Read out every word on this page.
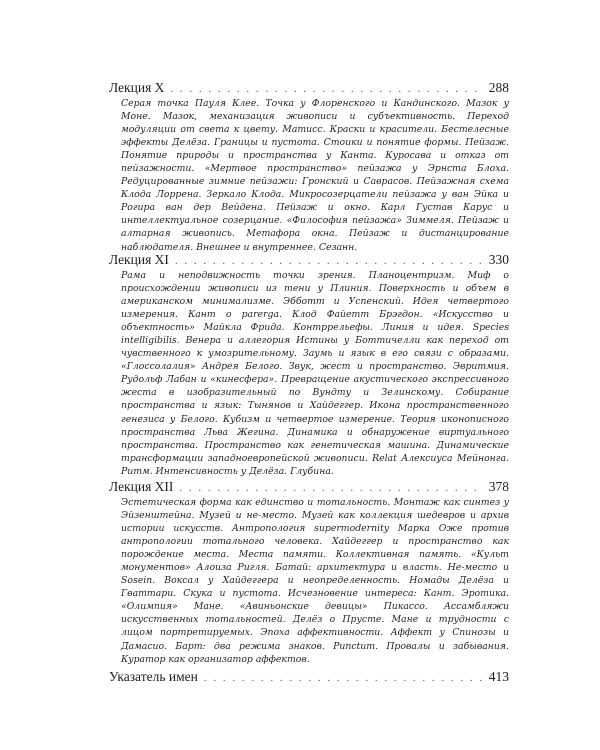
Лекция X . . .	288
Серая точка Пауля Клее. Точка у Флоренского и Кандинского. Мазок у Моне. Мазок, механизация живописи и субъективность. Переход модуляции от света к цвету. Матисс. Краски и красители. Бестелесные эффекты Делёза. Границы и пустота. Стоики и понятие формы. Пейзаж. Понятие природы и пространства у Канта. Куросава и отказ от пейзажности. «Мертвое пространство» пейзажа у Эрнста Блоха. Редуцированные зимние пейзажи: Гронский и Саврасов. Пейзажная схема Клода Лоррена. Зеркало Клода. Микросозерцатели пейзажа у ван Эйка и Рогира ван дер Вейдена. Пейзаж и окно. Карл Густав Карус и интеллектуальное созерцание. «Философия пейзажа» Зиммеля. Пейзаж и алтарная живопись. Метафора окна. Пейзаж и дистанцирование наблюдателя. Внешнее и внутреннее. Сезанн.
Лекция XI . . .	330
Рама и неподвижность точки зрения. Планоцентризм. Миф о происхождении живописи из тени у Плиния. Поверхность и объем в американском минимализме. Эбботт и Успенский. Идея четвертого измерения. Кант о parerga. Клод Файетт Брэгдон. «Искусство и объектность» Майкла Фрида. Контррельефы. Линия и идея. Species intelligibilis. Венера и аллегория Истины у Боттичелли как переход от чувственного к умозрительному. Заумь и язык в его связи с образами. «Глоссолалия» Андрея Белого. Звук, жест и пространство. Эвритмия. Рудольф Лабан и «кинесфера». Превращение акустического экспрессивного жеста в изобразительный по Вундту и Зелинскому. Собирание пространства и язык: Тынянов и Хайдеггер. Икона пространственного генезиса у Белого. Кубизм и четвертое измерение. Теория иконописного пространства Льва Жегина. Динамика и обнаружение виртуального пространства. Пространство как генетическая машина. Динамические трансформации западноевропейской живописи. Relat Алексиуса Мейнонга. Ритм. Интенсивность у Делёза. Глубина.
Лекция XII . . .	378
Эстетическая форма как единство и тотальность. Монтаж как синтез у Эйзенштейна. Музей и не-место. Музей как коллекция шедевров и архив истории искусств. Антропология supermodernity Марка Оже против антропологии тотального человека. Хайдеггер и пространство как порождение места. Места памяти. Коллективная память. «Культ монументов» Алоиза Ригля. Батай: архитектура и власть. Не-место и Sosein. Воксал у Хайдеггера и неопределенность. Номады Делёза и Гваттари. Скука и пустота. Исчезновение интереса: Кант. Эротика. «Олимпия» Мане. «Авиньонские девицы» Пикассо. Ассамбляжи искусственных тотальностей. Делёз о Прусте. Мане и трудности с лицом портретируемых. Эпоха аффективности. Аффект у Спинозы и Дамасио. Барт: два режима знаков. Punctum. Провалы и забывания. Куратор как организатор аффектов.
Указатель имен . . .	413
